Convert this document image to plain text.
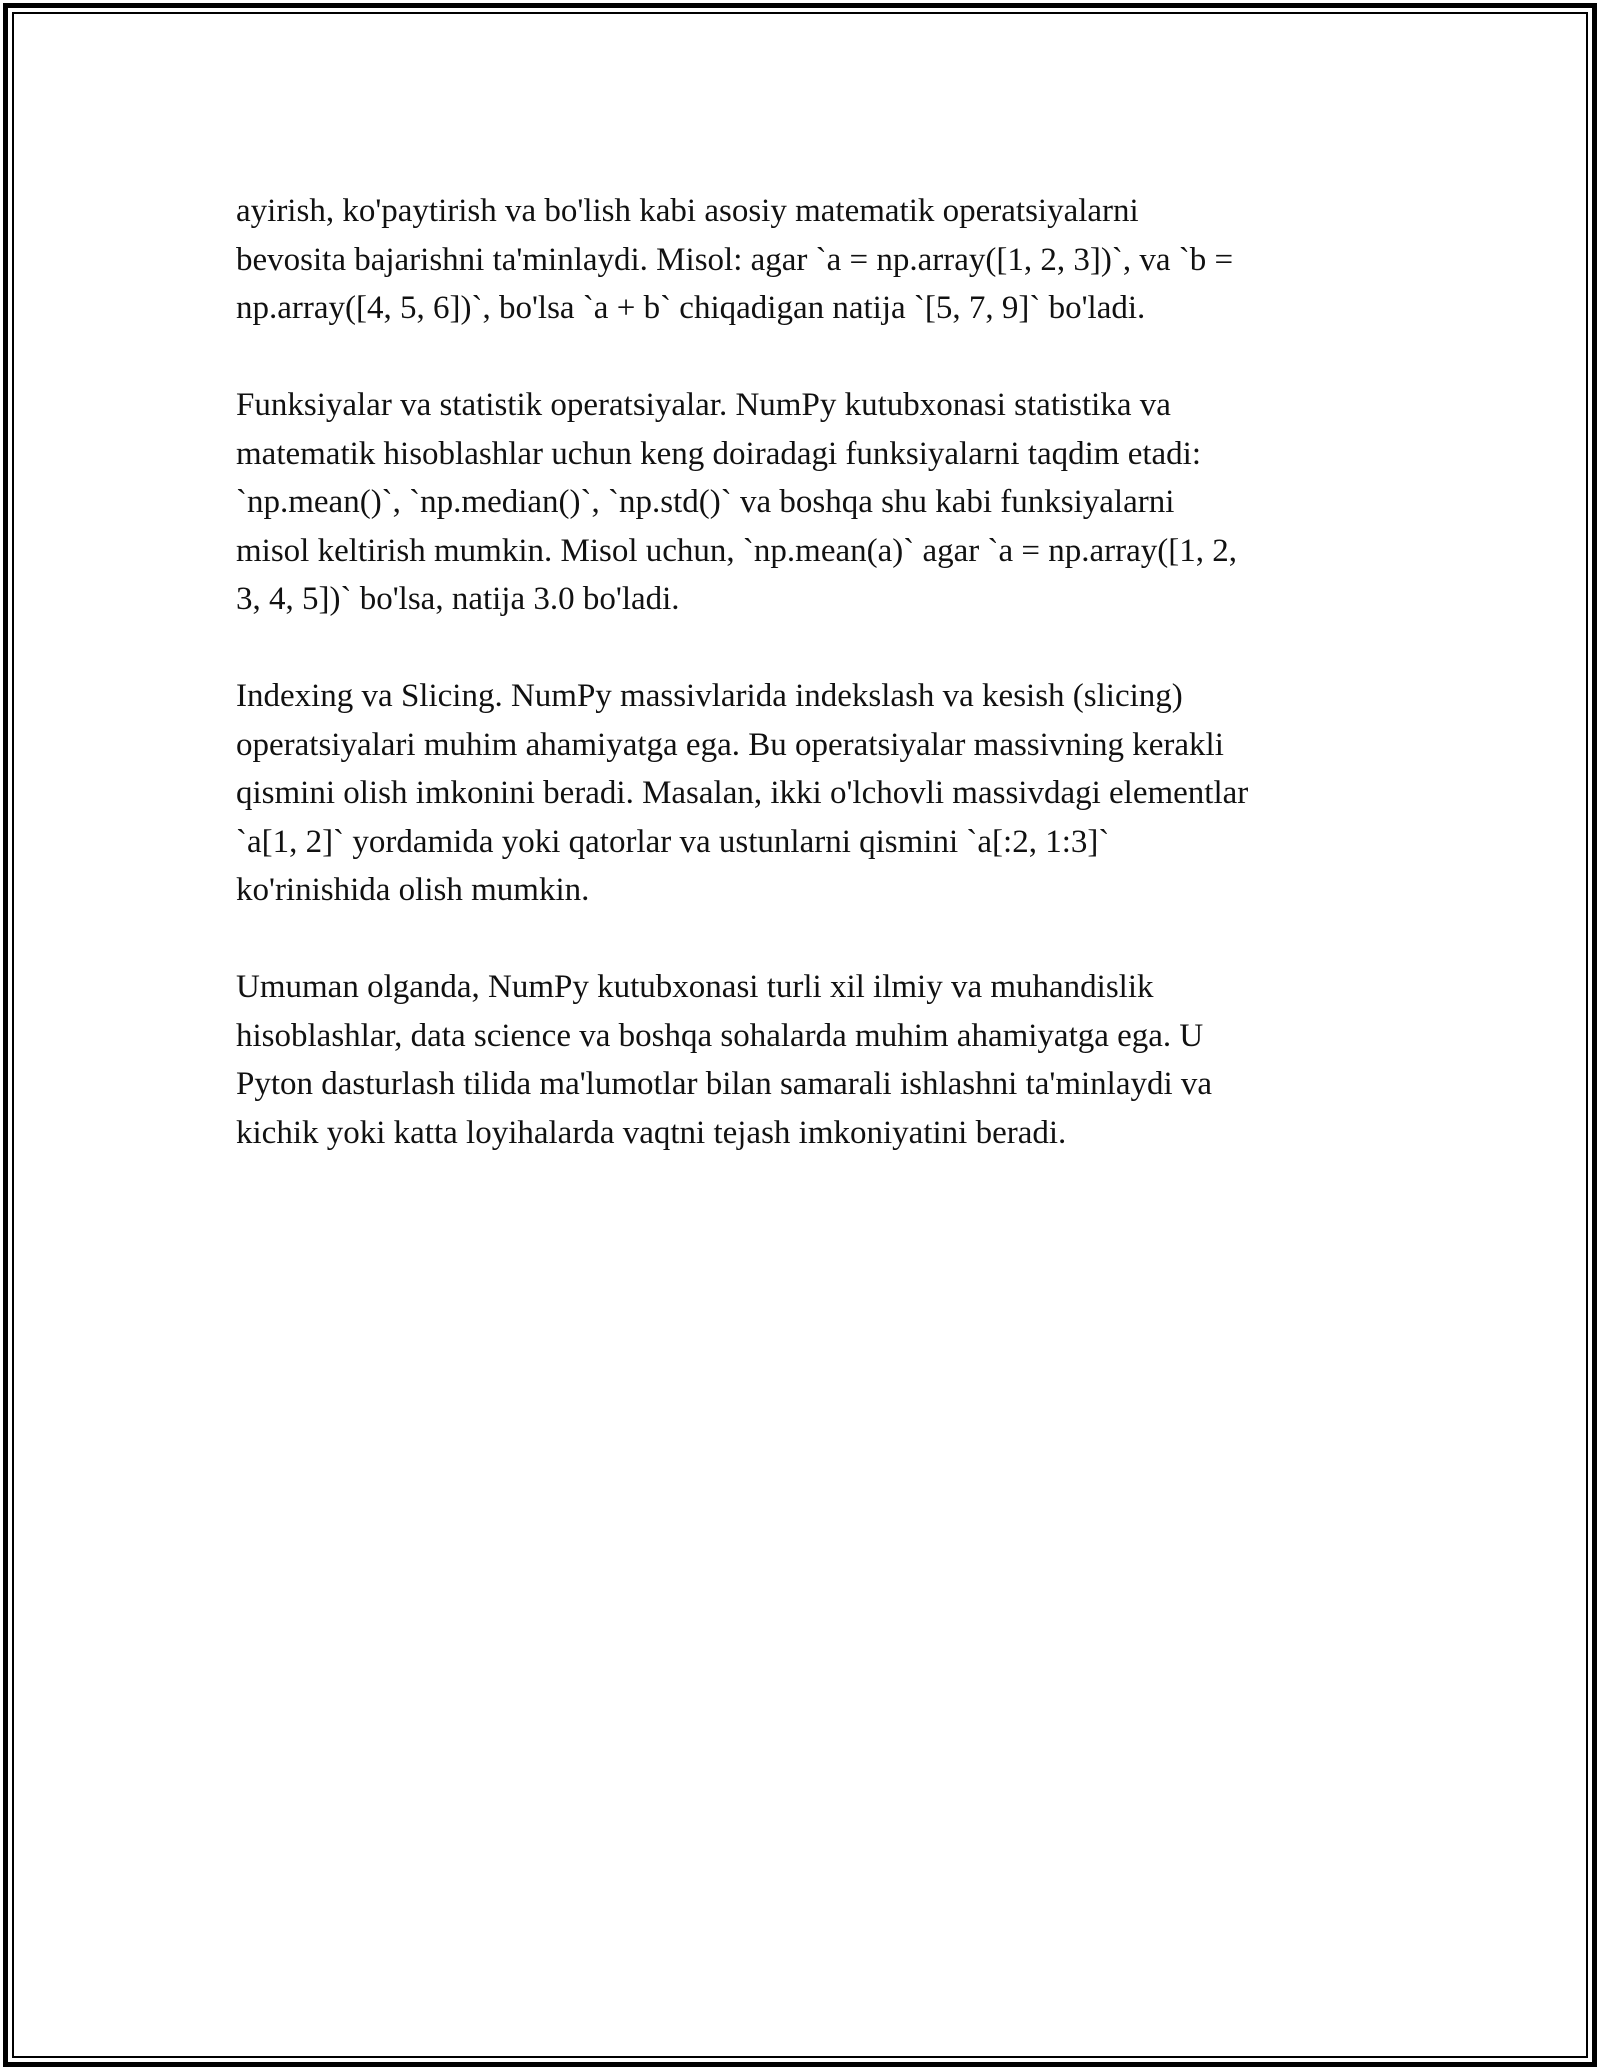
ayirish, ko'paytirish va bo'lish kabi asosiy matematik operatsiyalarni
bevosita bajarishni ta'minlaydi. Misol: agar `a = np.array([1, 2, 3])`, va `b =
np.array([4, 5, 6])`, bo'lsa `a + b` chiqadigan natija `[5, 7, 9]` bo'ladi.

Funksiyalar va statistik operatsiyalar. NumPy kutubxonasi statistika va
matematik hisoblashlar uchun keng doiradagi funksiyalarni taqdim etadi:
`np.mean()`, `np.median()`, `np.std()` va boshqa shu kabi funksiyalarni
misol keltirish mumkin. Misol uchun, `np.mean(a)` agar `a = np.array([1, 2,
3, 4, 5])` bo'lsa, natija 3.0 bo'ladi.

Indexing va Slicing. NumPy massivlarida indekslash va kesish (slicing)
operatsiyalari muhim ahamiyatga ega. Bu operatsiyalar massivning kerakli
qismini olish imkonini beradi. Masalan, ikki o'lchovli massivdagi elementlar
`a[1, 2]` yordamida yoki qatorlar va ustunlarni qismini `a[:2, 1:3]`
ko'rinishida olish mumkin.

Umuman olganda, NumPy kutubxonasi turli xil ilmiy va muhandislik
hisoblashlar, data science va boshqa sohalarda muhim ahamiyatga ega. U
Pyton dasturlash tilida ma'lumotlar bilan samarali ishlashni ta'minlaydi va
kichik yoki katta loyihalarda vaqtni tejash imkoniyatini beradi.
